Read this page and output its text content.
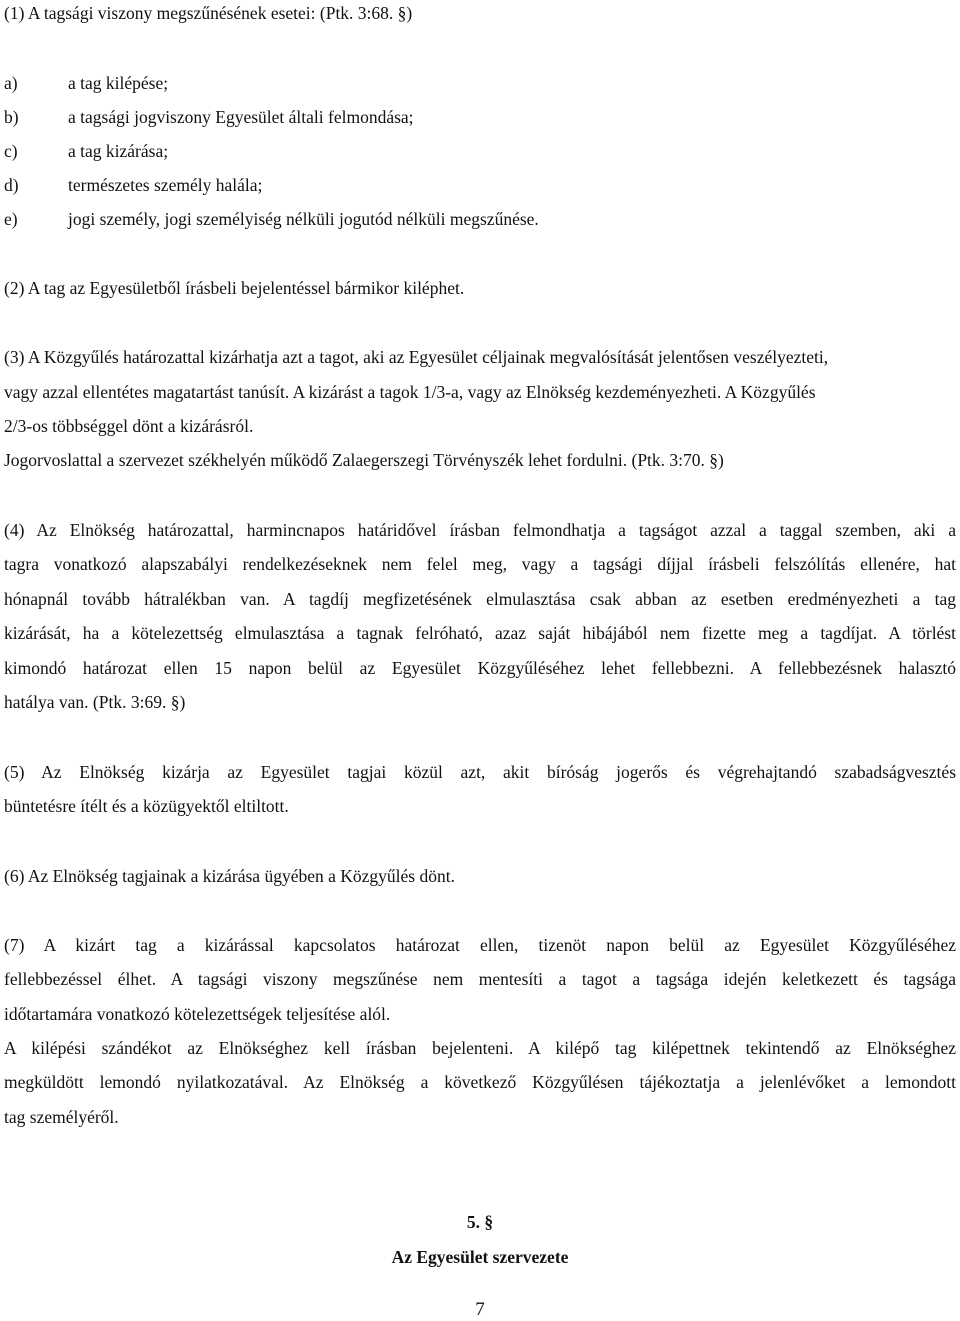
(1) A tagsági viszony megszűnésének esetei: (Ptk. 3:68. §)
a)	a tag kilépése;
b)	a tagsági jogviszony Egyesület általi felmondása;
c)	a tag kizárása;
d)	természetes személy halála;
e)	jogi személy, jogi személyiség nélküli jogutód nélküli megszűnése.
(2) A tag az Egyesületből írásbeli bejelentéssel bármikor kiléphet.
(3) A Közgyűlés határozattal kizárhatja azt a tagot, aki az Egyesület céljainak megvalósítását jelentősen veszélyezteti,
vagy azzal ellentétes magatartást tanúsít. A kizárást a tagok 1/3-a, vagy az Elnökség kezdeményezheti. A Közgyűlés
2/3-os többséggel dönt a kizárásról.
Jogorvoslattal a szervezet székhelyén működő Zalaegerszegi Törvényszék lehet fordulni. (Ptk. 3:70. §)
(4) Az Elnökség határozattal, harmincnapos határidővel írásban felmondhatja a tagságot azzal a taggal szemben, aki a
tagra vonatkozó alapszabályi rendelkezéseknek nem felel meg, vagy a tagsági díjjal írásbeli felszólítás ellenére, hat
hónapnál tovább hátralékban van. A tagdíj megfizetésének elmulasztása csak abban az esetben eredményezheti a tag
kizárását, ha a kötelezettség elmulasztása a tagnak felróható, azaz saját hibájából nem fizette meg a tagdíjat. A törlést
kimondó határozat ellen 15 napon belül az Egyesület Közgyűléséhez lehet fellebbezni. A fellebbezésnek halasztó
hatálya van. (Ptk. 3:69. §)
(5) Az Elnökség kizárja az Egyesület tagjai közül azt, akit bíróság jogerős és végrehajtandó szabadságvesztés
büntetésre ítélt és a közügyektől eltiltott.
(6) Az Elnökség tagjainak a kizárása ügyében a Közgyűlés dönt.
(7) A kizárt tag a kizárással kapcsolatos határozat ellen, tizenöt napon belül az Egyesület Közgyűléséhez
fellebbezéssel élhet. A tagsági viszony megszűnése nem mentesíti a tagot a tagsága idején keletkezett és tagsága
időtartamára vonatkozó kötelezettségek teljesítése alól.
A kilépési szándékot az Elnökséghez kell írásban bejelenteni. A kilépő tag kilépettnek tekintendő az Elnökséghez
megküldött lemondó nyilatkozatával. Az Elnökség a következő Közgyűlésen tájékoztatja a jelenlévőket a lemondott
tag személyéről.
5. §
Az Egyesület szervezete
7
